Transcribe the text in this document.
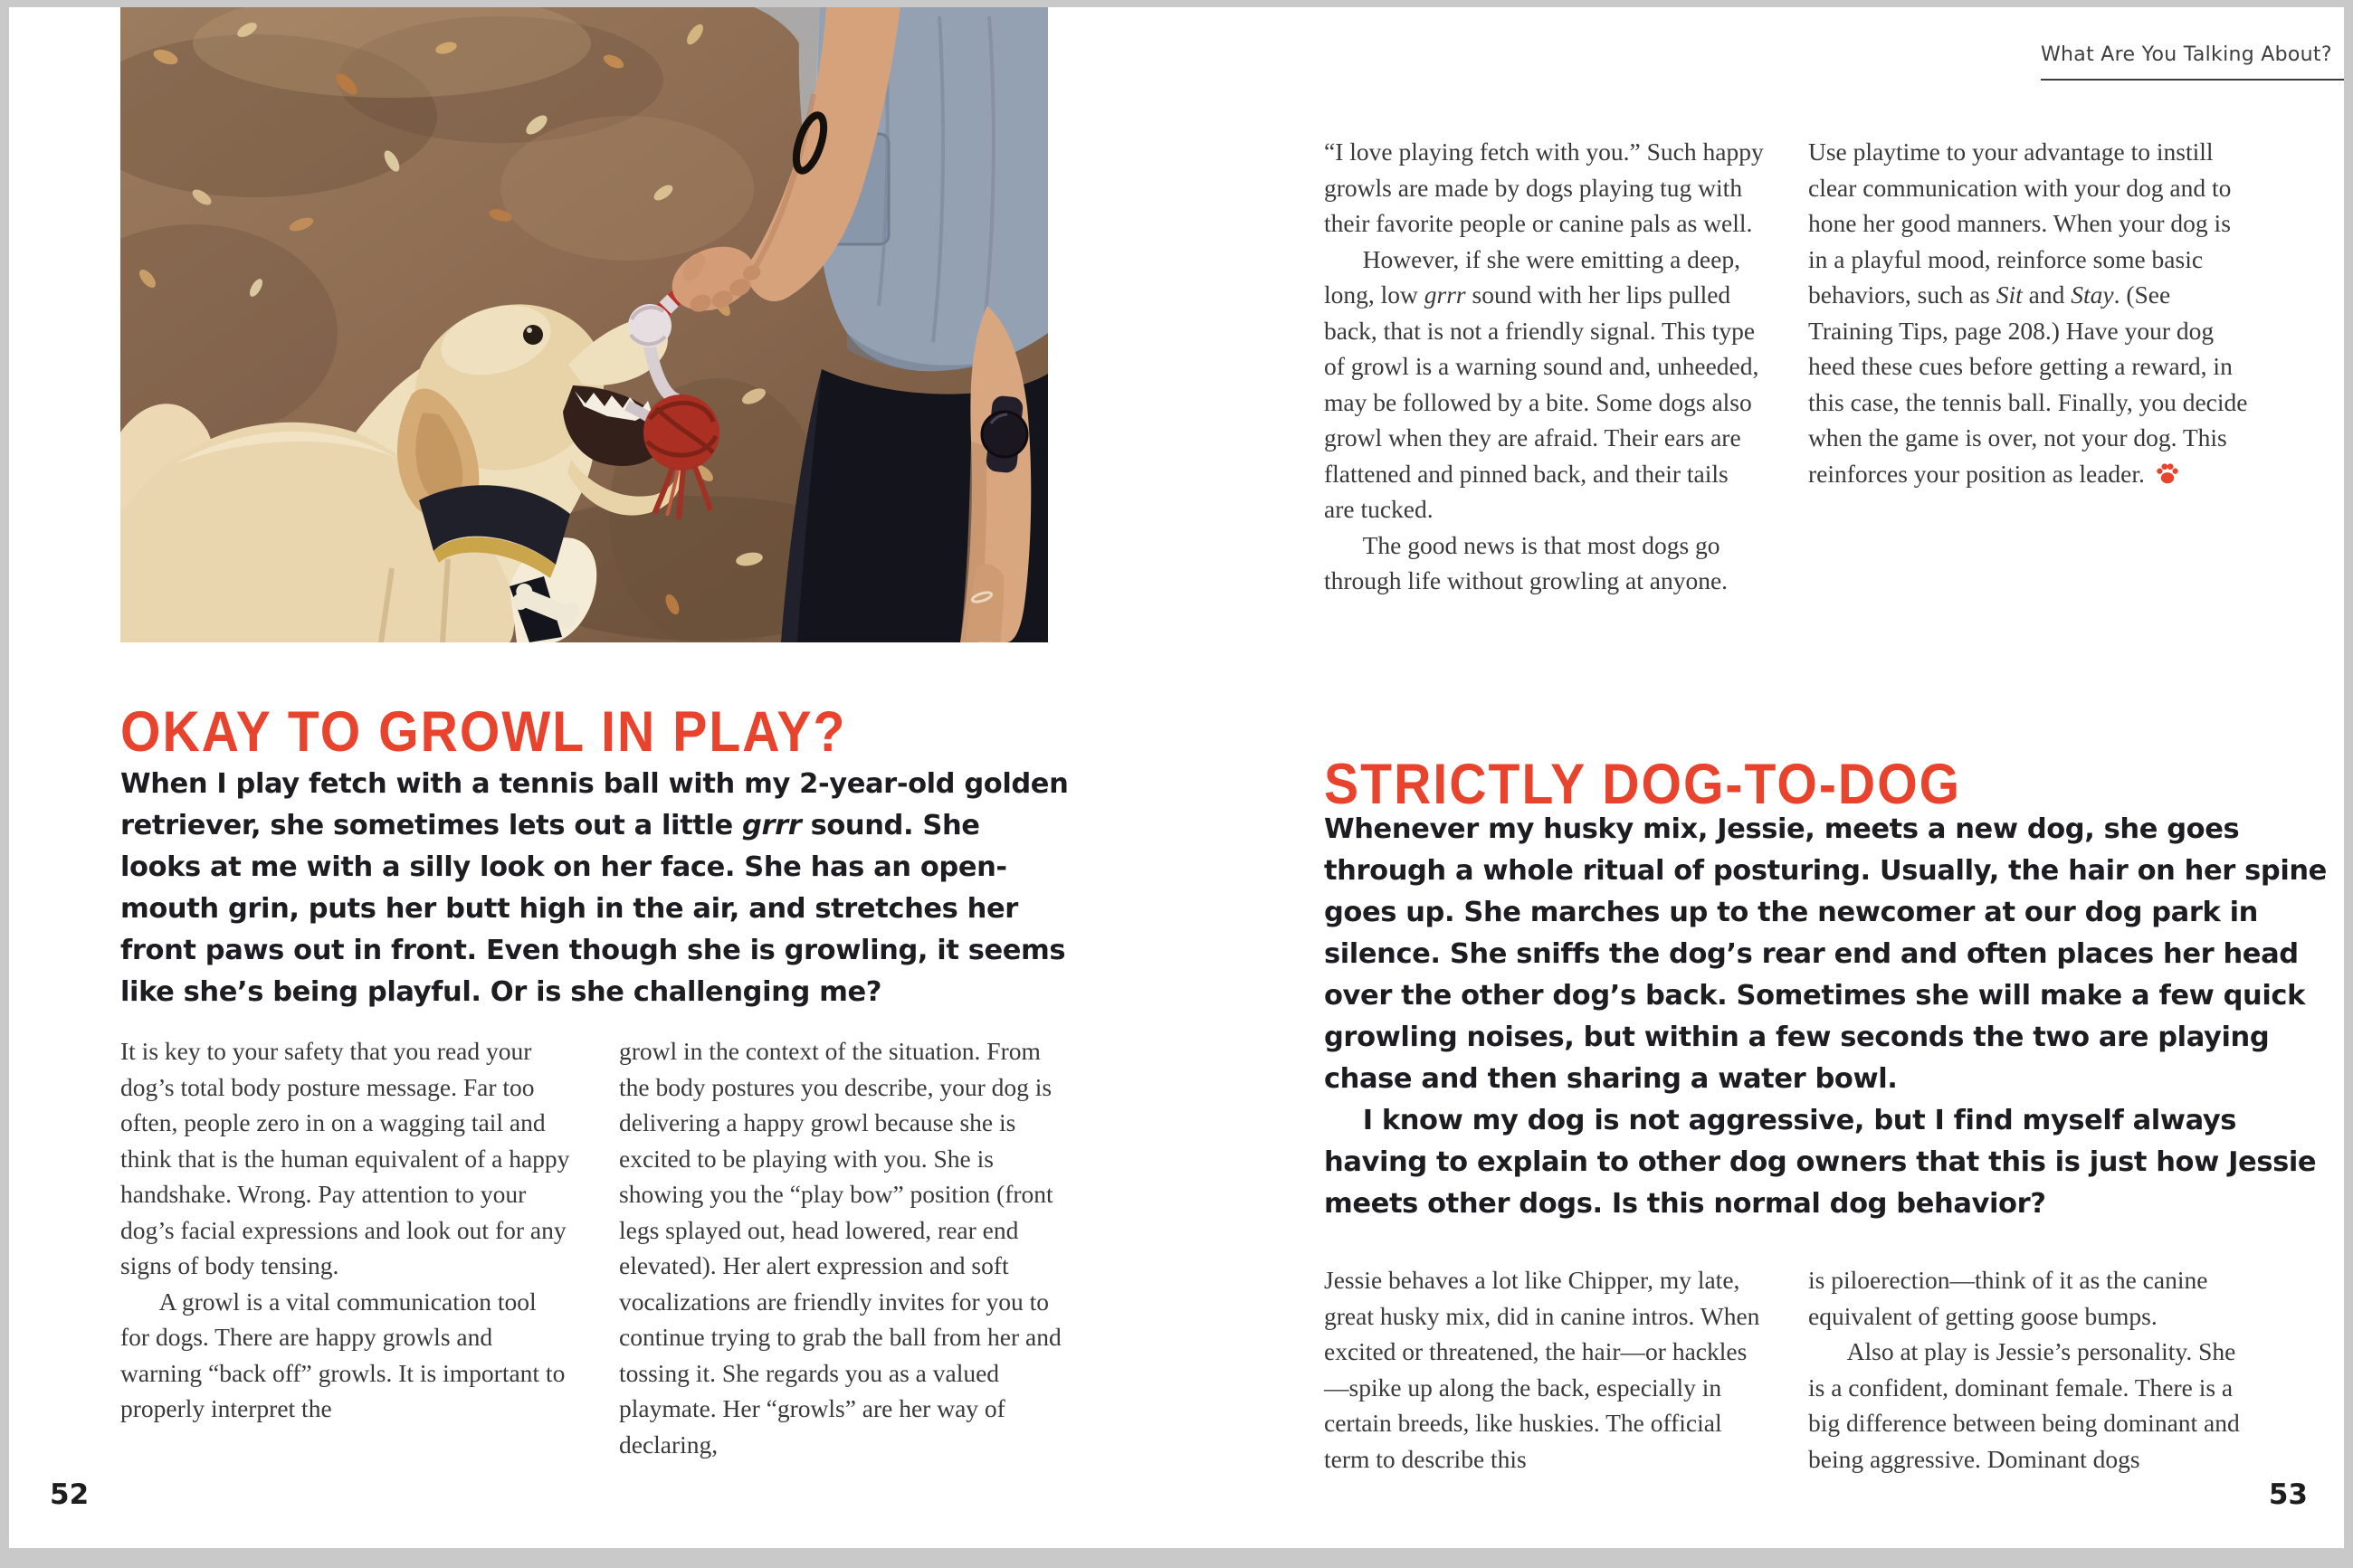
OKAY TO GROWL IN PLAY?

When I play fetch with a tennis ball with my 2-year-old golden retriever, she sometimes lets out a little grrr sound. She looks at me with a silly look on her face. She has an open-mouth grin, puts her butt high in the air, and stretches her front paws out in front. Even though she is growling, it seems like she’s being playful. Or is she challenging me?

It is key to your safety that you read your dog’s total body posture message. Far too often, people zero in on a wagging tail and think that is the human equivalent of a happy handshake. Wrong. Pay attention to your dog’s facial expressions and look out for any signs of body tensing.

A growl is a vital communication tool for dogs. There are happy growls and warning “back off” growls. It is important to properly interpret the

growl in the context of the situation. From the body postures you describe, your dog is delivering a happy growl because she is excited to be playing with you. She is showing you the “play bow” position (front legs splayed out, head lowered, rear end elevated). Her alert expression and soft vocalizations are friendly invites for you to continue trying to grab the ball from her and tossing it. She regards you as a valued playmate. Her “growls” are her way of declaring,

52
What Are You Talking About?

“I love playing fetch with you.” Such happy growls are made by dogs playing tug with their favorite people or canine pals as well.

However, if she were emitting a deep, long, low grrr sound with her lips pulled back, that is not a friendly signal. This type of growl is a warning sound and, unheeded, may be followed by a bite. Some dogs also growl when they are afraid. Their ears are flattened and pinned back, and their tails are tucked.

The good news is that most dogs go through life without growling at anyone.

Use playtime to your advantage to instill clear communication with your dog and to hone her good manners. When your dog is in a playful mood, reinforce some basic behaviors, such as Sit and Stay. (See Training Tips, page 208.) Have your dog heed these cues before getting a reward, in this case, the tennis ball. Finally, you decide when the game is over, not your dog. This reinforces your position as leader.

STRICTLY DOG-TO-DOG

Whenever my husky mix, Jessie, meets a new dog, she goes through a whole ritual of posturing. Usually, the hair on her spine goes up. She marches up to the newcomer at our dog park in silence. She sniffs the dog’s rear end and often places her head over the other dog’s back. Sometimes she will make a few quick growling noises, but within a few seconds the two are playing chase and then sharing a water bowl.

I know my dog is not aggressive, but I find myself always having to explain to other dog owners that this is just how Jessie meets other dogs. Is this normal dog behavior?

Jessie behaves a lot like Chipper, my late, great husky mix, did in canine intros. When excited or threatened, the hair—or hackles—spike up along the back, especially in certain breeds, like huskies. The official term to describe this

is piloerection—think of it as the canine equivalent of getting goose bumps.

Also at play is Jessie’s personality. She is a confident, dominant female. There is a big difference between being dominant and being aggressive. Dominant dogs

53
